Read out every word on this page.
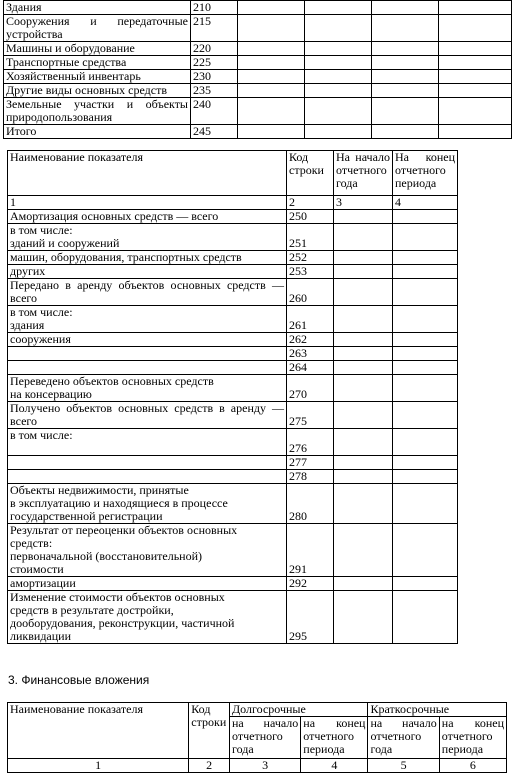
Здания	210				
Сооружения и передаточные устройства	215				
Машины и оборудование	220				
Транспортные средства	225				
Хозяйственный инвентарь	230				
Другие виды основных средств	235				
Земельные участки и объекты природопользования	240				
Итого	245				
Наименование показателя	Код строки	На начало отчетного года	На конец отчетного периода
1	2	3	4

Амортизация основных средств — всего	250		

в том числе:
зданий и сооружений	251		

машин, оборудования, транспортных средств	252		

других	253		

Передано в аренду объектов основных средств —
всего	260		

в том числе:
здания	261		

сооружения	262		

	263		

	264		

Переведено объектов основных средств
на консервацию	270		

Получено объектов основных средств в аренду —
всего	275		

в том числе:	276		

	277		

	278		

Объекты недвижимости, принятые
в эксплуатацию и находящиеся в процессе
государственной регистрации	280		

Результат от переоценки объектов основных
средств:
первоначальной (восстановительной)
стоимости	291		

амортизации	292		

Изменение стоимости объектов основных
средств в результате достройки,
дооборудования, реконструкции, частичной
ликвидации	295		
3. Финансовые вложения
Наименование показателя	Код строки	Долгосрочные		Краткосрочные	
		на начало отчетного года	на конец отчетного периода	на начало отчетного года	на конец отчетного периода
1	2	3	4	5	6
